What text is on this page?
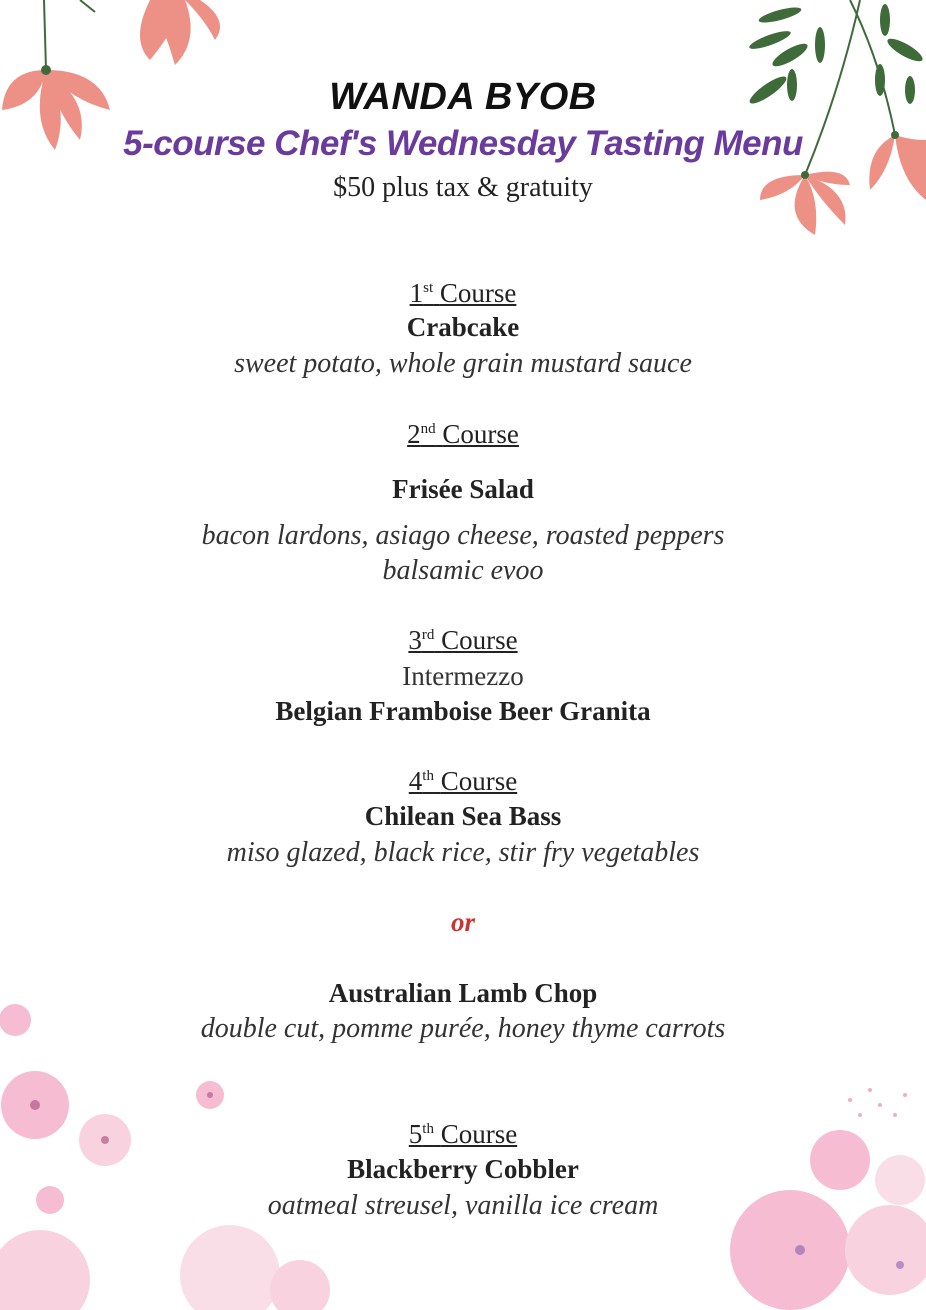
WANDA BYOB
5-course Chef's Wednesday Tasting Menu
$50 plus tax & gratuity
1st Course
Crabcake
sweet potato, whole grain mustard sauce
2nd Course
Frisée Salad
bacon lardons, asiago cheese, roasted peppers
balsamic evoo
3rd Course
Intermezzo
Belgian Framboise Beer Granita
4th Course
Chilean Sea Bass
miso glazed, black rice, stir fry vegetables
or
Australian Lamb Chop
double cut, pomme purée, honey thyme carrots
5th Course
Blackberry Cobbler
oatmeal streusel, vanilla ice cream
